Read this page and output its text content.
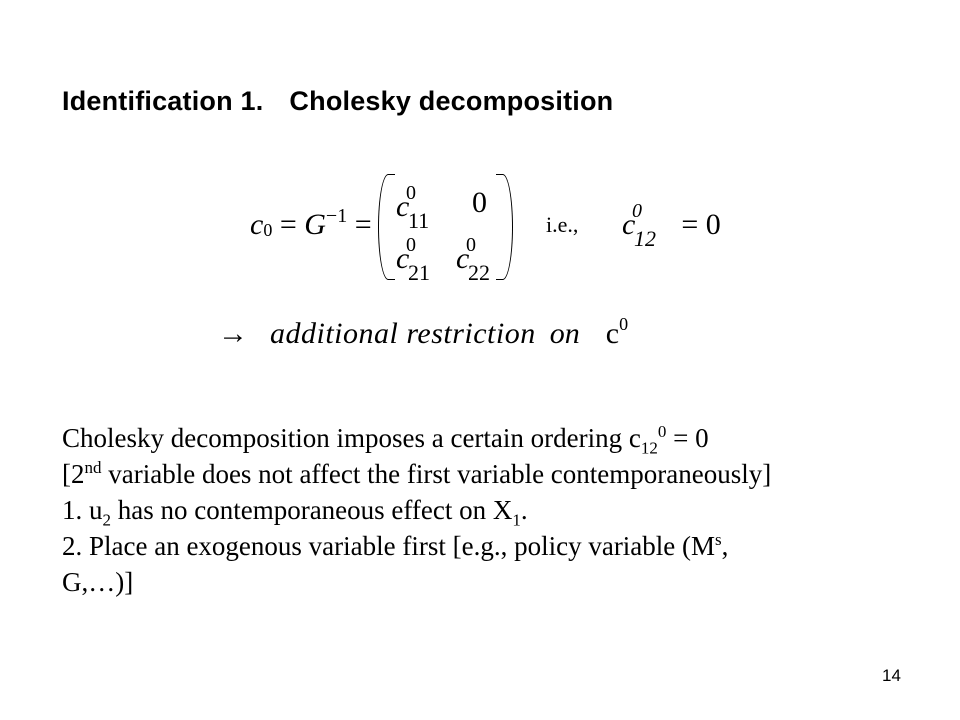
Identification 1. Cholesky decomposition
$c_0 = G^{-1}$ =
c
0
11
0
c
0
21 c
0
22
i.e., c
0
12 = 0
→ additional restriction on $c^0$
Cholesky decomposition imposes a certain ordering $c_{12}^0 = 0$
[2nd variable does not affect the first variable contemporaneously]
1. $u_2$ has no contemporaneous effect on $X_1$.
2. Place an exogenous variable first [e.g., policy variable ($M^s$,
G,…)]
14
